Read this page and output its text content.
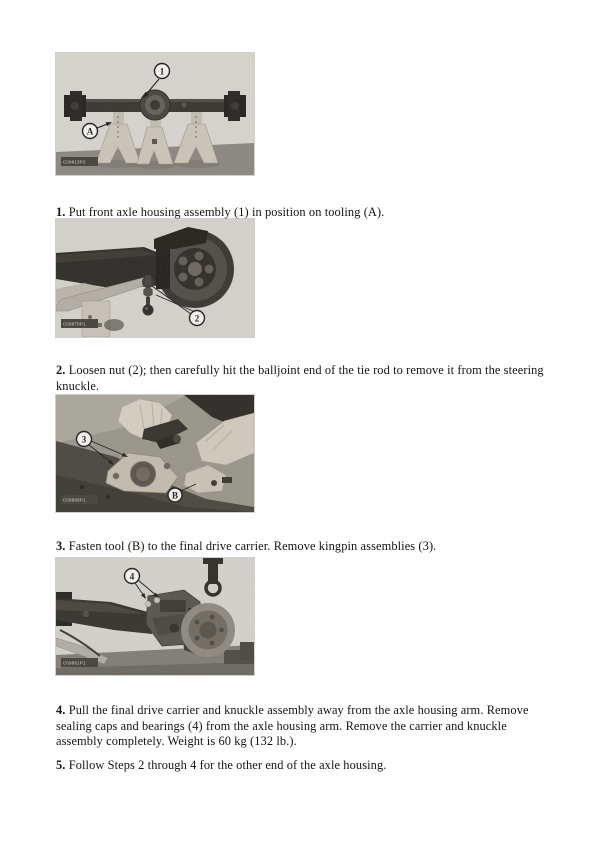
1
A
C09813P2

1. Put front axle housing assembly (1) in position on tooling (A).

2
C09870P1

2. Loosen nut (2); then carefully hit the balljoint end of the tie rod to remove it from the steering knuckle.

3
B
C09869P1

3. Fasten tool (B) to the final drive carrier. Remove kingpin assemblies (3).

4
C09861P1

4. Pull the final drive carrier and knuckle assembly away from the axle housing arm. Remove sealing caps and bearings (4) from the axle housing arm. Remove the carrier and knuckle assembly completely. Weight is 60 kg (132 lb.).

5. Follow Steps 2 through 4 for the other end of the axle housing.
